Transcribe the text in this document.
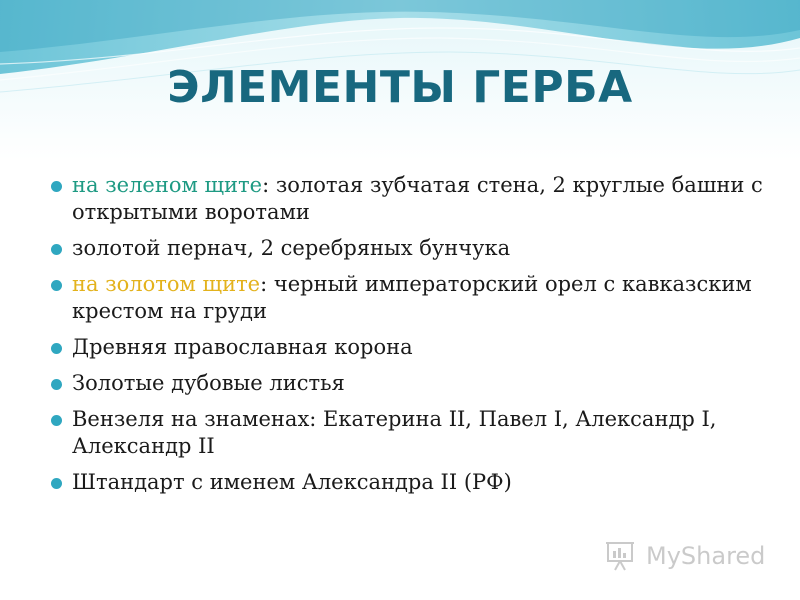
ЭЛЕМЕНТЫ ГЕРБА
на зеленом щите: золотая зубчатая стена, 2 круглые башни с открытыми воротами
золотой пернач, 2 серебряных бунчука
на золотом щите: черный императорский орел с кавказским крестом на груди
Древняя православная корона
Золотые дубовые листья
Вензеля на знаменах: Екатерина II, Павел I, Александр I, Александр II
Штандарт с именем Александра II (РФ)
MyShared
